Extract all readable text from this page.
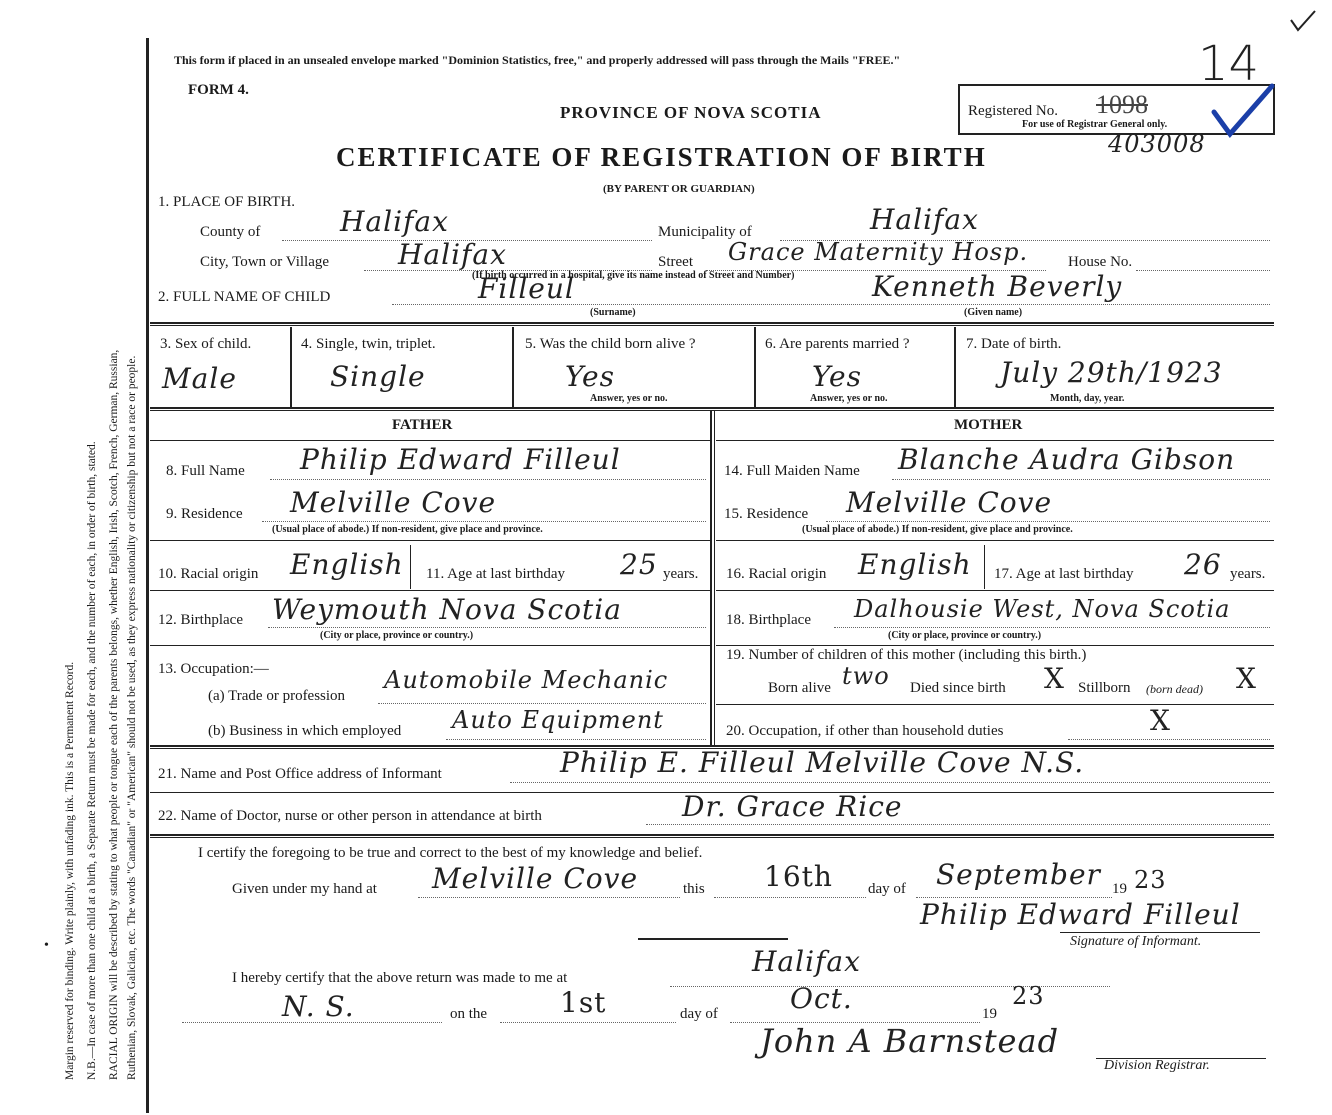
Margin reserved for binding. Write plainly, with unfading ink. This is a Permanent Record. N.B.—In case of more than one child at a birth, a Separate Return must be made for each, and the number of each, in order of birth, stated. RACIAL ORIGIN will be described by stating to what people or tongue each of the parents belongs, whether English, Irish, Scotch, French, German, Russian, Ruthenian, Slovak, Galician, etc. The words "Canadian" or "American" should not be used, as they express nationality or citizenship but not a race or people.
•
This form if placed in an unsealed envelope marked "Dominion Statistics, free," and properly addressed will pass through the Mails "FREE."
FORM 4.
PROVINCE OF NOVA SCOTIA
CERTIFICATE OF REGISTRATION OF BIRTH
(BY PARENT OR GUARDIAN)
Registered No. 1098
For use of Registrar General only.
14
403008
1. PLACE OF BIRTH.
County of	Halifax	Municipality of	Halifax
City, Town or Village Halifax	Street Grace Maternity Hosp.	House No.
(If birth occurred in a hospital, give its name instead of Street and Number)
2. FULL NAME OF CHILD	Filleul
(Surname)
Kenneth Beverly
(Given name)
3. Sex of child.
Male
4. Single, twin, triplet.
Single
5. Was the child born alive ?
Yes
Answer, yes or no.
6. Are parents married ?
Yes
Answer, yes or no.
7. Date of birth.
July 29th/1923
Month, day, year.
FATHER	MOTHER
8. Full Name Philip Edward Filleul	14. Full Maiden Name Blanche Audra Gibson
9. Residence Melville Cove
(Usual place of abode.) If non-resident, give place and province.
15. Residence Melville Cove
(Usual place of abode.) If non-resident, give place and province.
10. Racial origin English 11. Age at last birthday 25 years. 16. Racial origin English 17. Age at last birthday 26 years.
12. Birthplace Weymouth Nova Scotia
(City or place, province or country.)
18. Birthplace Dalhousie West, Nova Scotia
(City or place, province or country.)
13. Occupation:—
(a) Trade or profession
Automobile Mechanic
(b) Business in which employed Auto Equipment
19. Number of children of this mother (including this birth.)
Born alive two Died since birth X Stillborn (born dead) X
20. Occupation, if other than household duties	X
21. Name and Post Office address of Informant	Philip E. Filleul Melville Cove N.S.
22. Name of Doctor, nurse or other person in attendance at birth	Dr. Grace Rice
I certify the foregoing to be true and correct to the best of my knowledge and belief.
Given under my hand at Melville Cove	this 16th day of September 19 23
Philip Edward Filleul
Signature of Informant.
I hereby certify that the above return was made to me at	Halifax
N. S.	on the	1st	day of	Oct.	19
23
John A Barnstead
Division Registrar.
